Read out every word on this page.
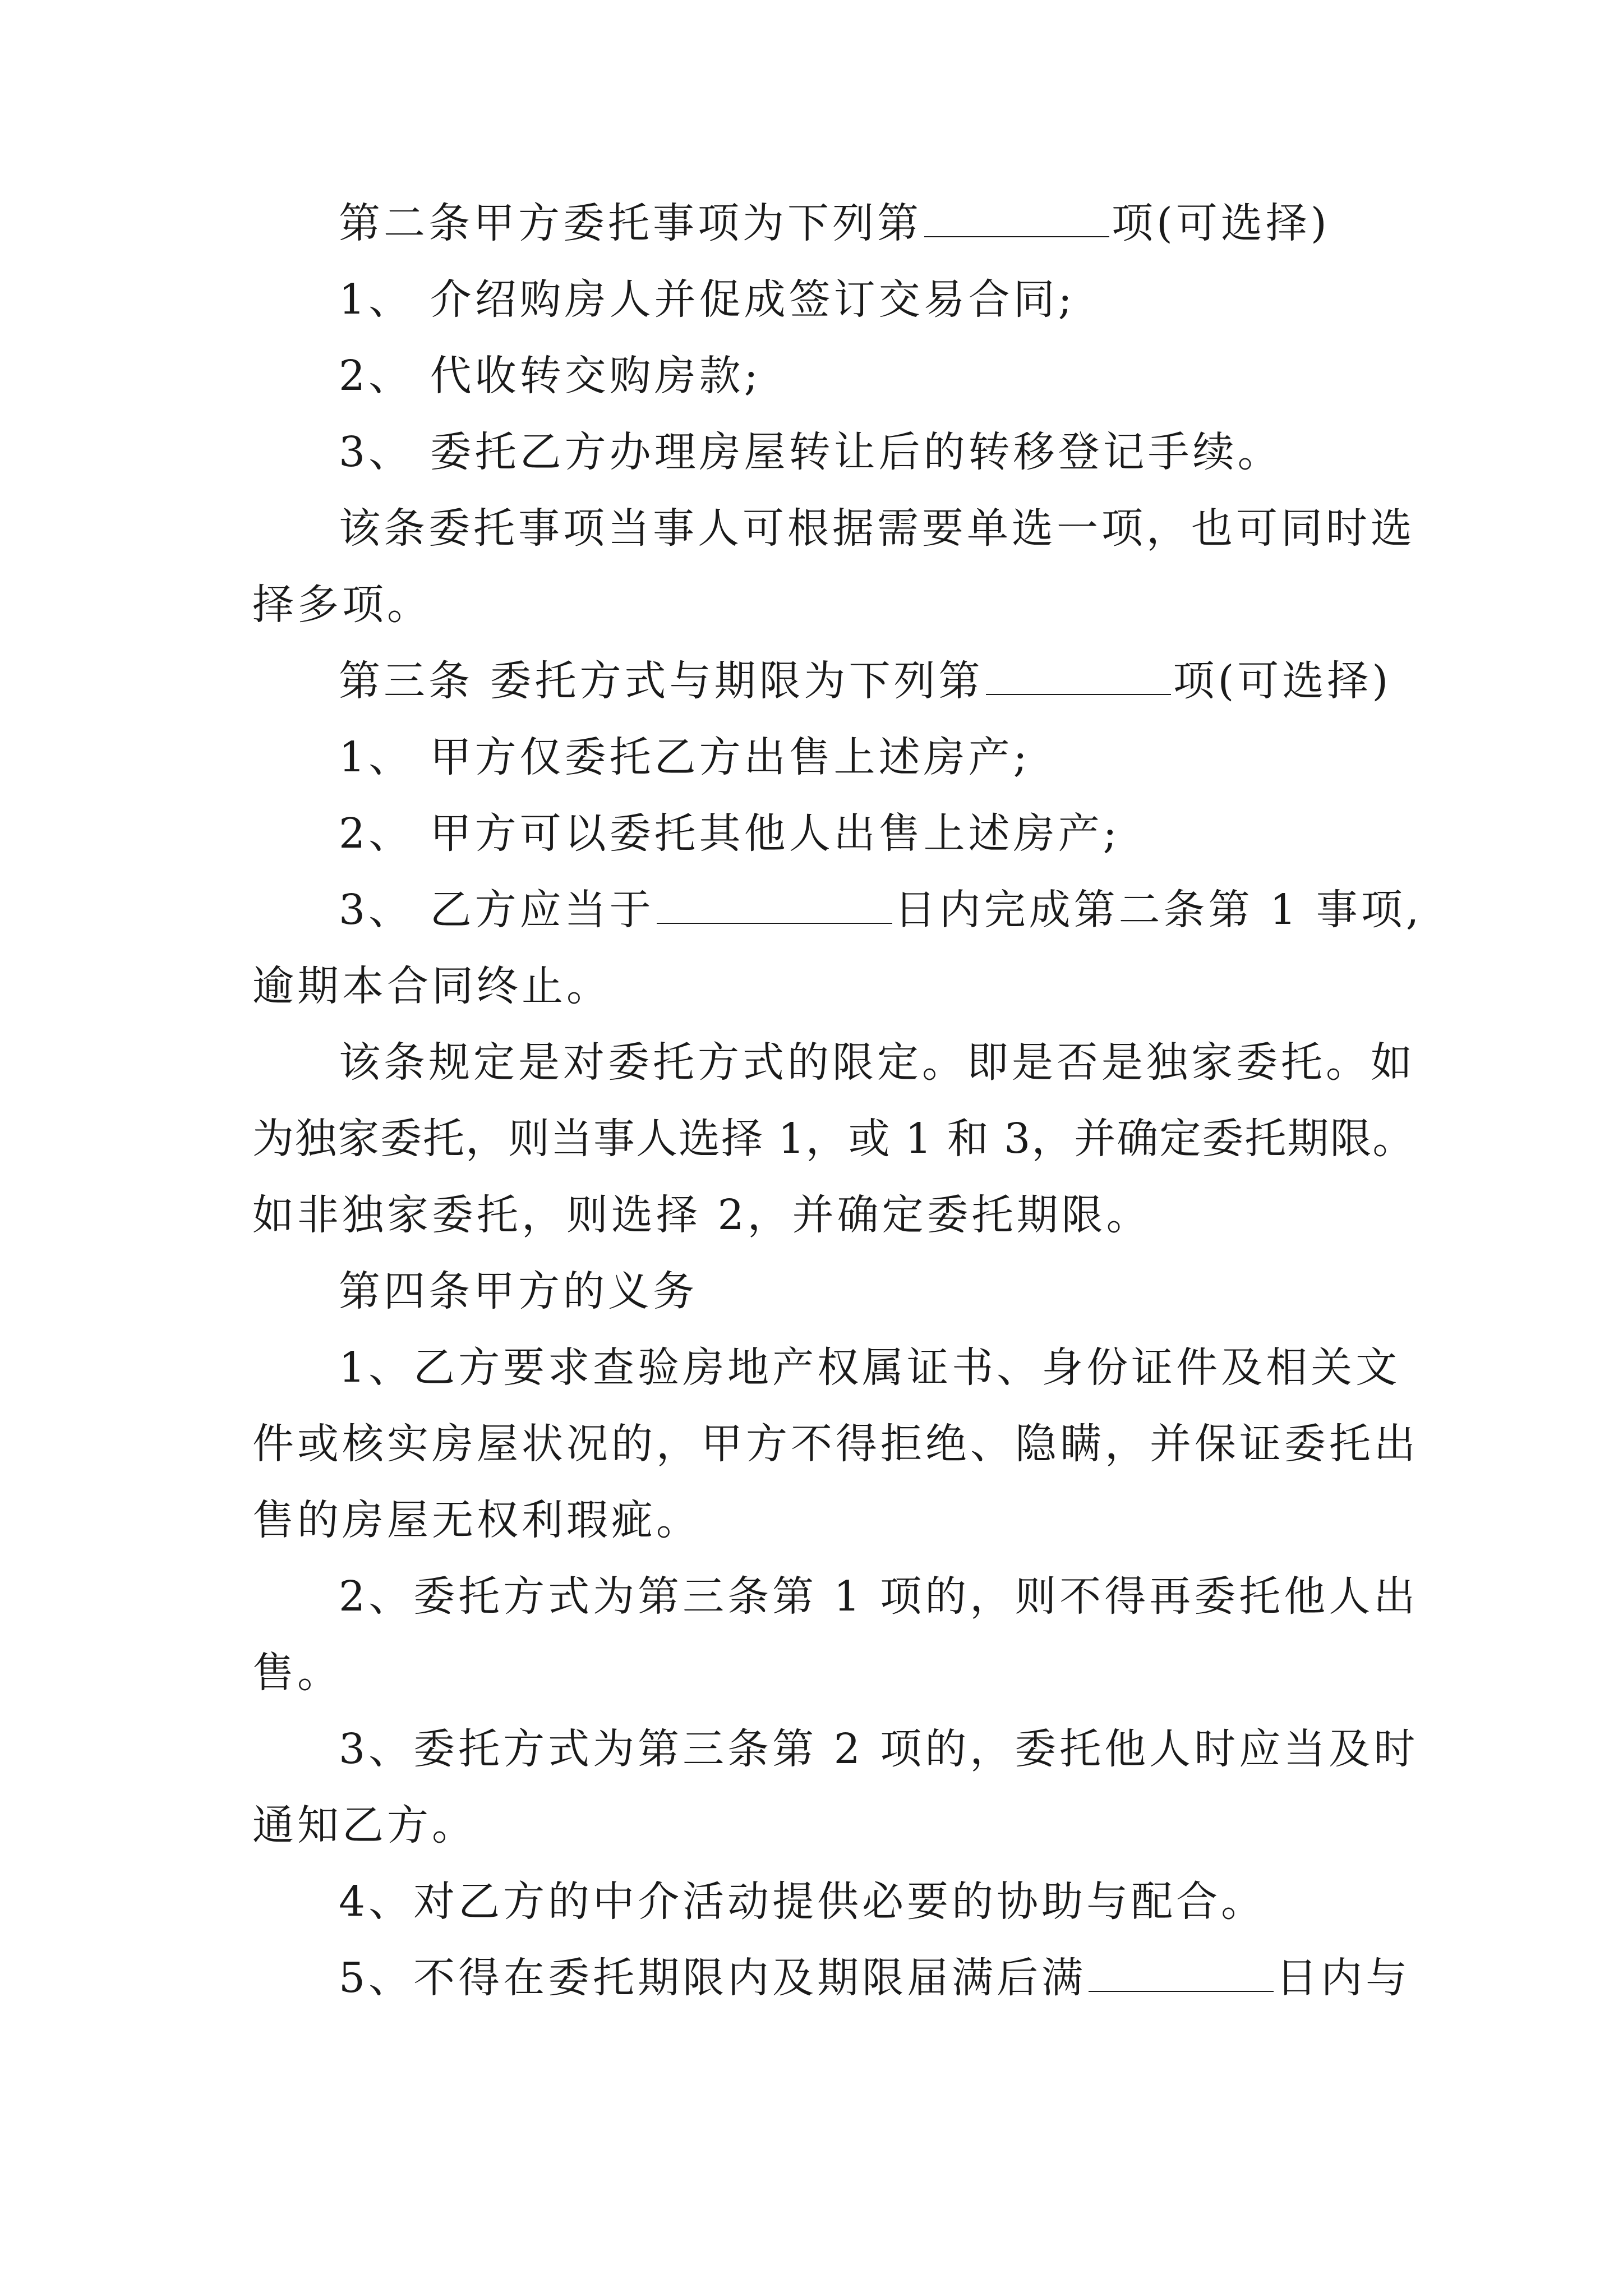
第二条甲方委托事项为下列第	项(可选择)
1、 介绍购房人并促成签订交易合同;
2、 代收转交购房款;
3、 委托乙方办理房屋转让后的转移登记手续。
该条委托事项当事人可根据需要单选一项，也可同时选
择多项。
第三条 委托方式与期限为下列第	项(可选择)
1、 甲方仅委托乙方出售上述房产;
2、 甲方可以委托其他人出售上述房产;
3、 乙方应当于	日内完成第二条第 1 事项,
逾期本合同终止。
该条规定是对委托方式的限定。即是否是独家委托。如
为独家委托，则当事人选择 1，或 1 和 3，并确定委托期限。
如非独家委托，则选择 2，并确定委托期限。
第四条甲方的义务
1、乙方要求查验房地产权属证书、身份证件及相关文
件或核实房屋状况的，甲方不得拒绝、隐瞒，并保证委托出
售的房屋无权利瑕疵。
2、委托方式为第三条第 1 项的，则不得再委托他人出
售。
3、委托方式为第三条第 2 项的，委托他人时应当及时
通知乙方。
4、对乙方的中介活动提供必要的协助与配合。
5、不得在委托期限内及期限届满后满	日内与
